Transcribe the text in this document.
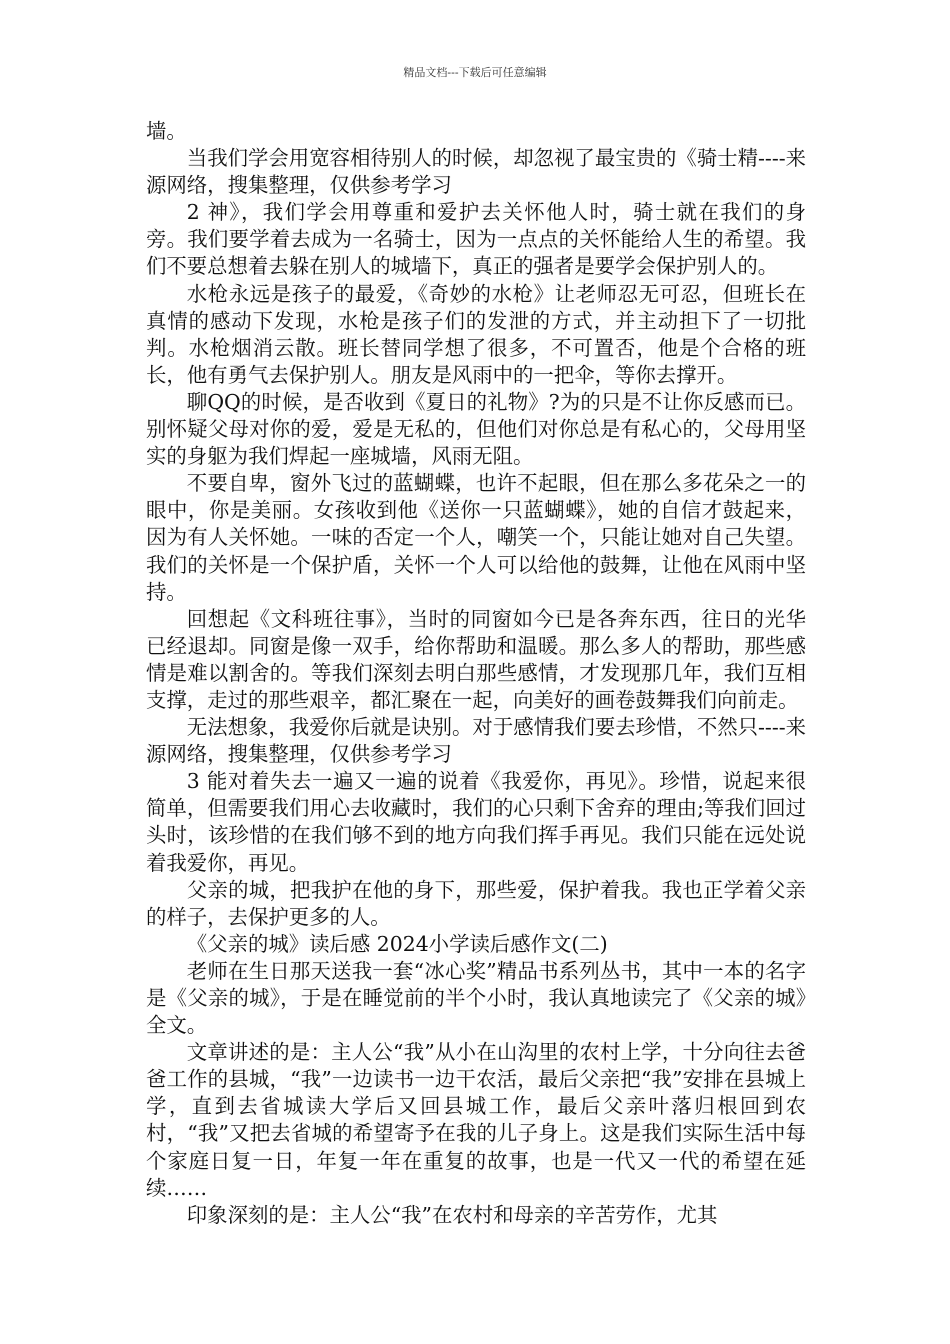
精品文档---下载后可任意编辑

墙。

当我们学会用宽容相待别人的时候，却忽视了最宝贵的《骑士精----来源网络，搜集整理，仅供参考学习

2 神》，我们学会用尊重和爱护去关怀他人时，骑士就在我们的身旁。我们要学着去成为一名骑士，因为一点点的关怀能给人生的希望。我们不要总想着去躲在别人的城墙下，真正的强者是要学会保护别人的。

水枪永远是孩子的最爱，《奇妙的水枪》让老师忍无可忍，但班长在真情的感动下发现，水枪是孩子们的发泄的方式，并主动担下了一切批判。水枪烟消云散。班长替同学想了很多，不可置否，他是个合格的班长，他有勇气去保护别人。朋友是风雨中的一把伞，等你去撑开。

聊QQ的时候，是否收到《夏日的礼物》?为的只是不让你反感而已。别怀疑父母对你的爱，爱是无私的，但他们对你总是有私心的，父母用坚实的身躯为我们焊起一座城墙，风雨无阻。

不要自卑，窗外飞过的蓝蝴蝶，也许不起眼，但在那么多花朵之一的眼中，你是美丽。女孩收到他《送你一只蓝蝴蝶》，她的自信才鼓起来，因为有人关怀她。一味的否定一个人，嘲笑一个，只能让她对自己失望。我们的关怀是一个保护盾，关怀一个人可以给他的鼓舞，让他在风雨中坚持。

回想起《文科班往事》，当时的同窗如今已是各奔东西，往日的光华已经退却。同窗是像一双手，给你帮助和温暖。那么多人的帮助，那些感情是难以割舍的。等我们深刻去明白那些感情，才发现那几年，我们互相支撑，走过的那些艰辛，都汇聚在一起，向美好的画卷鼓舞我们向前走。

无法想象，我爱你后就是诀别。对于感情我们要去珍惜，不然只----来源网络，搜集整理，仅供参考学习

3 能对着失去一遍又一遍的说着《我爱你，再见》。珍惜，说起来很简单，但需要我们用心去收藏时，我们的心只剩下舍弃的理由;等我们回过头时，该珍惜的在我们够不到的地方向我们挥手再见。我们只能在远处说着我爱你，再见。

父亲的城，把我护在他的身下，那些爱，保护着我。我也正学着父亲的样子，去保护更多的人。

《父亲的城》读后感 2024小学读后感作文(二)

老师在生日那天送我一套“冰心奖”精品书系列丛书，其中一本的名字是《父亲的城》，于是在睡觉前的半个小时，我认真地读完了《父亲的城》全文。

文章讲述的是：主人公“我”从小在山沟里的农村上学，十分向往去爸爸工作的县城，“我”一边读书一边干农活，最后父亲把“我”安排在县城上学，直到去省城读大学后又回县城工作，最后父亲叶落归根回到农村，“我”又把去省城的希望寄予在我的儿子身上。这是我们实际生活中每个家庭日复一日，年复一年在重复的故事，也是一代又一代的希望在延续……

印象深刻的是：主人公“我”在农村和母亲的辛苦劳作，尤其
